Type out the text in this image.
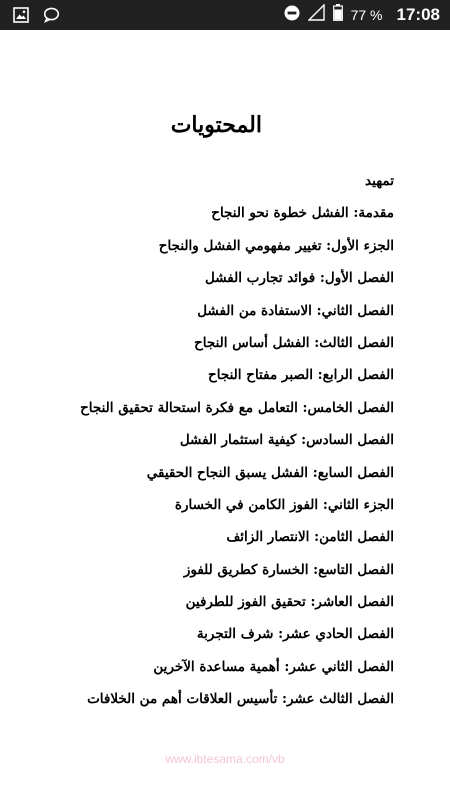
77 % 17:08
المحتويات
تمهيد
مقدمة: الفشل خطوة نحو النجاح
الجزء الأول: تغيير مفهومي الفشل والنجاح
الفصل الأول: فوائد تجارب الفشل
الفصل الثاني: الاستفادة من الفشل
الفصل الثالث: الفشل أساس النجاح
الفصل الرابع: الصبر مفتاح النجاح
الفصل الخامس: التعامل مع فكرة استحالة تحقيق النجاح
الفصل السادس: كيفية استثمار الفشل
الفصل السابع: الفشل يسبق النجاح الحقيقي
الجزء الثاني: الفوز الكامن في الخسارة
الفصل الثامن: الانتصار الزائف
الفصل التاسع: الخسارة كطريق للفوز
الفصل العاشر: تحقيق الفوز للطرفين
الفصل الحادي عشر: شرف التجربة
الفصل الثاني عشر: أهمية مساعدة الآخرين
الفصل الثالث عشر: تأسيس العلاقات أهم من الخلافات
www.ibtesama.com/vb
